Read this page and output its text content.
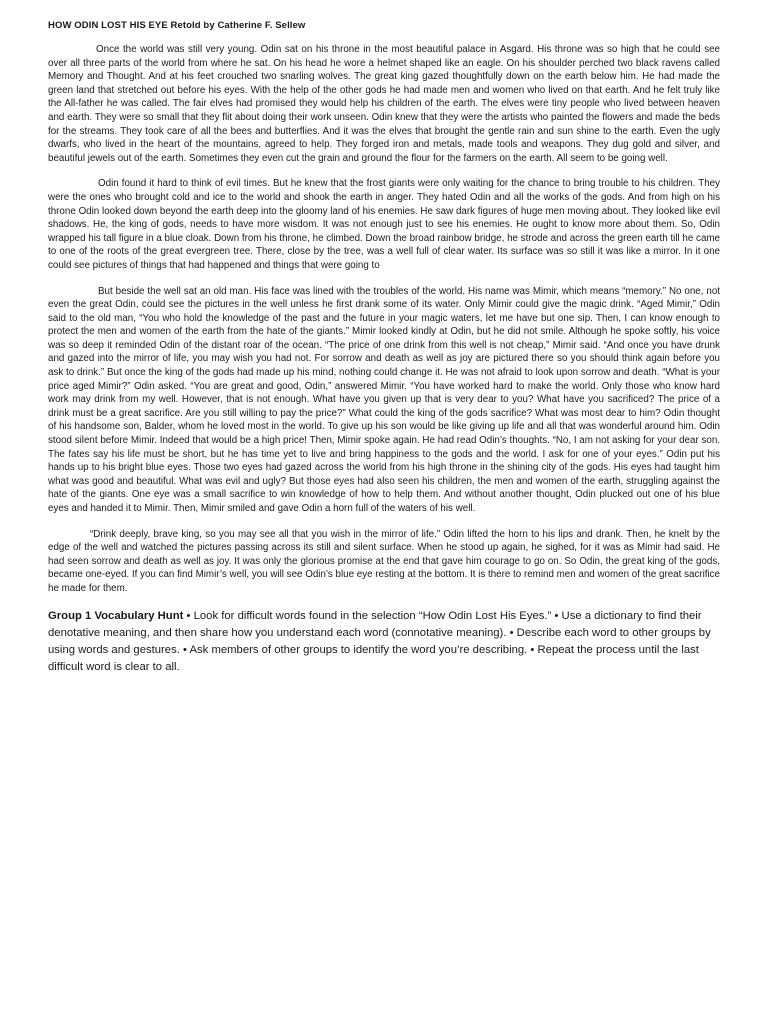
HOW ODIN LOST HIS EYE Retold by Catherine F. Sellew

Once the world was still very young. Odin sat on his throne in the most beautiful palace in Asgard. His throne was so high that he could see over all three parts of the world from where he sat. On his head he wore a helmet shaped like an eagle. On his shoulder perched two black ravens called Memory and Thought. And at his feet crouched two snarling wolves. The great king gazed thoughtfully down on the earth below him. He had made the green land that stretched out before his eyes. With the help of the other gods he had made men and women who lived on that earth. And he felt truly like the All-father he was called. The fair elves had promised they would help his children of the earth. The elves were tiny people who lived between heaven and earth. They were so small that they flit about doing their work unseen. Odin knew that they were the artists who painted the flowers and made the beds for the streams. They took care of all the bees and butterflies. And it was the elves that brought the gentle rain and sun shine to the earth. Even the ugly dwarfs, who lived in the heart of the mountains, agreed to help. They forged iron and metals, made tools and weapons. They dug gold and silver, and beautiful jewels out of the earth. Sometimes they even cut the grain and ground the flour for the farmers on the earth. All seem to be going well.

Odin found it hard to think of evil times. But he knew that the frost giants were only waiting for the chance to bring trouble to his children. They were the ones who brought cold and ice to the world and shook the earth in anger. They hated Odin and all the works of the gods. And from high on his throne Odin looked down beyond the earth deep into the gloomy land of his enemies. He saw dark figures of huge men moving about. They looked like evil shadows. He, the king of gods, needs to have more wisdom. It was not enough just to see his enemies. He ought to know more about them. So, Odin wrapped his tall figure in a blue cloak. Down from his throne, he climbed. Down the broad rainbow bridge, he strode and across the green earth till he came to one of the roots of the great evergreen tree. There, close by the tree, was a well full of clear water. Its surface was so still it was like a mirror. In it one could see pictures of things that had happened and things that were going to

But beside the well sat an old man. His face was lined with the troubles of the world. His name was Mimir, which means “memory.” No one, not even the great Odin, could see the pictures in the well unless he first drank some of its water. Only Mimir could give the magic drink. “Aged Mimir,” Odin said to the old man, “You who hold the knowledge of the past and the future in your magic waters, let me have but one sip. Then, I can know enough to protect the men and women of the earth from the hate of the giants.” Mimir looked kindly at Odin, but he did not smile. Although he spoke softly, his voice was so deep it reminded Odin of the distant roar of the ocean. “The price of one drink from this well is not cheap,” Mimir said. “And once you have drunk and gazed into the mirror of life, you may wish you had not. For sorrow and death as well as joy are pictured there so you should think again before you ask to drink.” But once the king of the gods had made up his mind, nothing could change it. He was not afraid to look upon sorrow and death. “What is your price aged Mimir?” Odin asked. “You are great and good, Odin,” answered Mimir. “You have worked hard to make the world. Only those who know hard work may drink from my well. However, that is not enough. What have you given up that is very dear to you? What have you sacrificed? The price of a drink must be a great sacrifice. Are you still willing to pay the price?” What could the king of the gods sacrifice? What was most dear to him? Odin thought of his handsome son, Balder, whom he loved most in the world. To give up his son would be like giving up life and all that was wonderful around him. Odin stood silent before Mimir. Indeed that would be a high price! Then, Mimir spoke again. He had read Odin’s thoughts. “No, I am not asking for your dear son. The fates say his life must be short, but he has time yet to live and bring happiness to the gods and the world. I ask for one of your eyes.” Odin put his hands up to his bright blue eyes. Those two eyes had gazed across the world from his high throne in the shining city of the gods. His eyes had taught him what was good and beautiful. What was evil and ugly? But those eyes had also seen his children, the men and women of the earth, struggling against the hate of the giants. One eye was a small sacrifice to win knowledge of how to help them. And without another thought, Odin plucked out one of his blue eyes and handed it to Mimir. Then, Mimir smiled and gave Odin a horn full of the waters of his well.

“Drink deeply, brave king, so you may see all that you wish in the mirror of life.” Odin lifted the horn to his lips and drank. Then, he knelt by the edge of the well and watched the pictures passing across its still and silent surface. When he stood up again, he sighed, for it was as Mimir had said. He had seen sorrow and death as well as joy. It was only the glorious promise at the end that gave him courage to go on. So Odin, the great king of the gods, became one-eyed. If you can find Mimir’s well, you will see Odin’s blue eye resting at the bottom. It is there to remind men and women of the great sacrifice he made for them.

Group 1 Vocabulary Hunt • Look for difficult words found in the selection “How Odin Lost His Eyes.” • Use a dictionary to find their denotative meaning, and then share how you understand each word (connotative meaning). • Describe each word to other groups by using words and gestures. • Ask members of other groups to identify the word you’re describing. • Repeat the process until the last difficult word is clear to all.
